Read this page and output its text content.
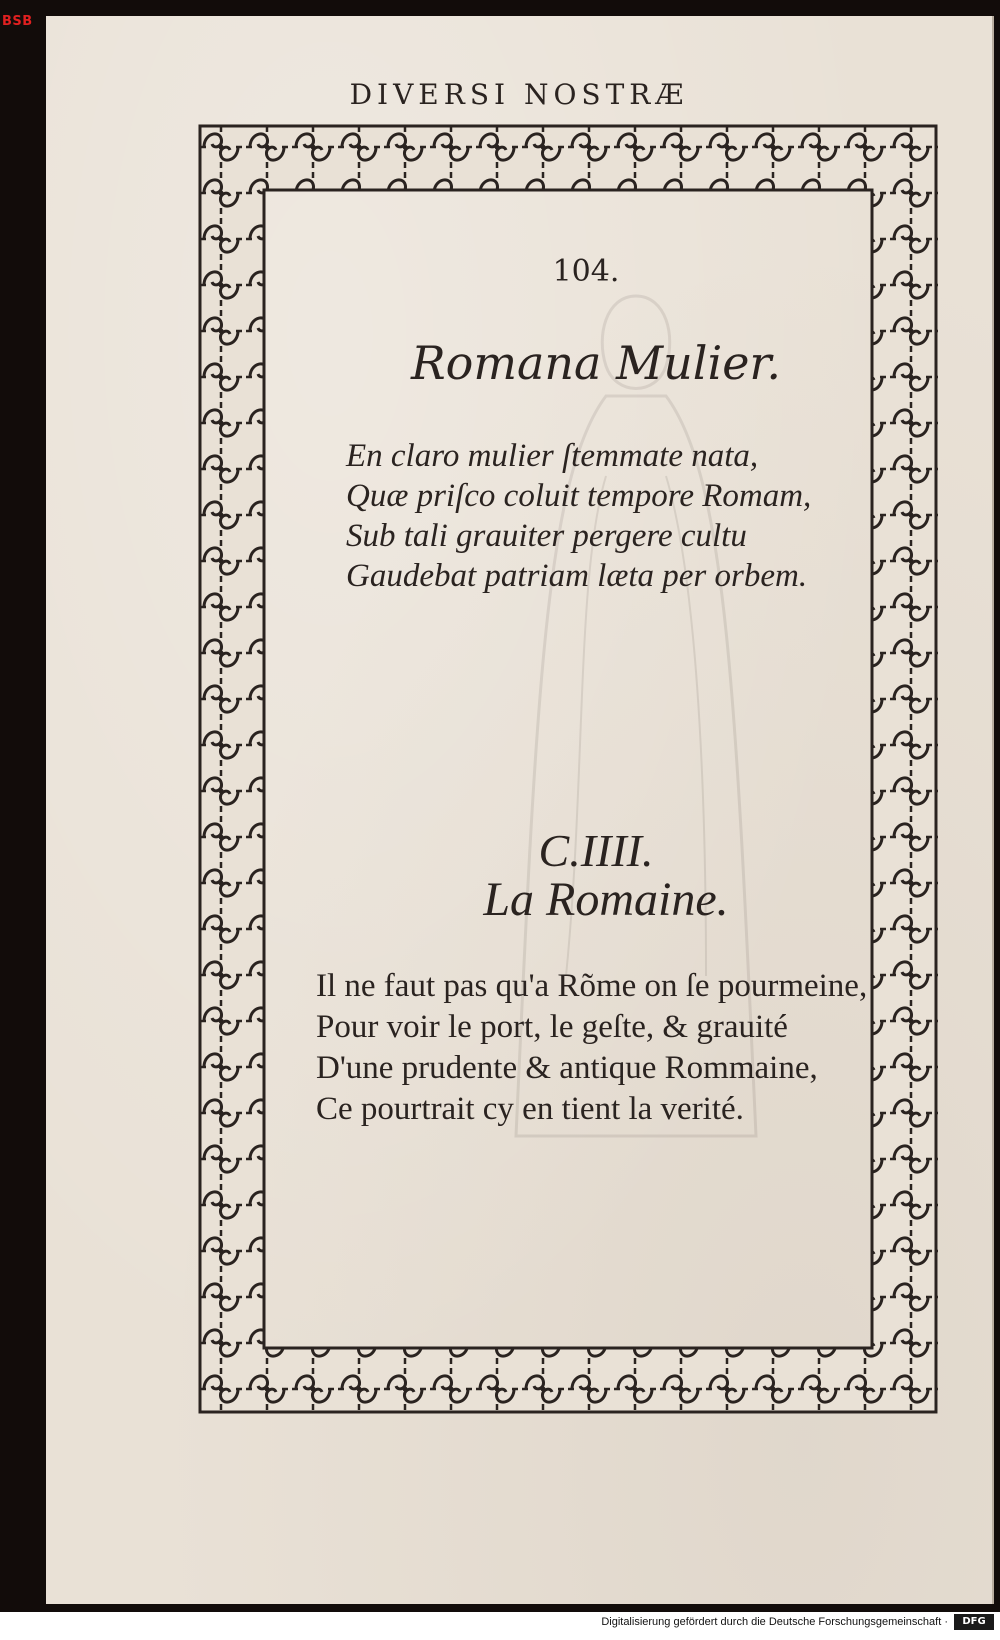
BSB
DIVERSI NOSTRÆ
104.
Romana Mulier.
En claro mulier ſtemmate nata,
Quæ priſco coluit tempore Romam,
Sub tali grauiter pergere cultu
Gaudebat patriam læta per orbem.
C.IIII.
La Romaine.
Il ne faut pas qu'a Rõme on ſe pourmeine,
Pour voir le port, le geſte, & grauité
D'une prudente & antique Rommaine,
Ce pourtrait cy en tient la verité.
Digitalisierung gefördert durch die Deutsche Forschungsgemeinschaft ·	DFG
